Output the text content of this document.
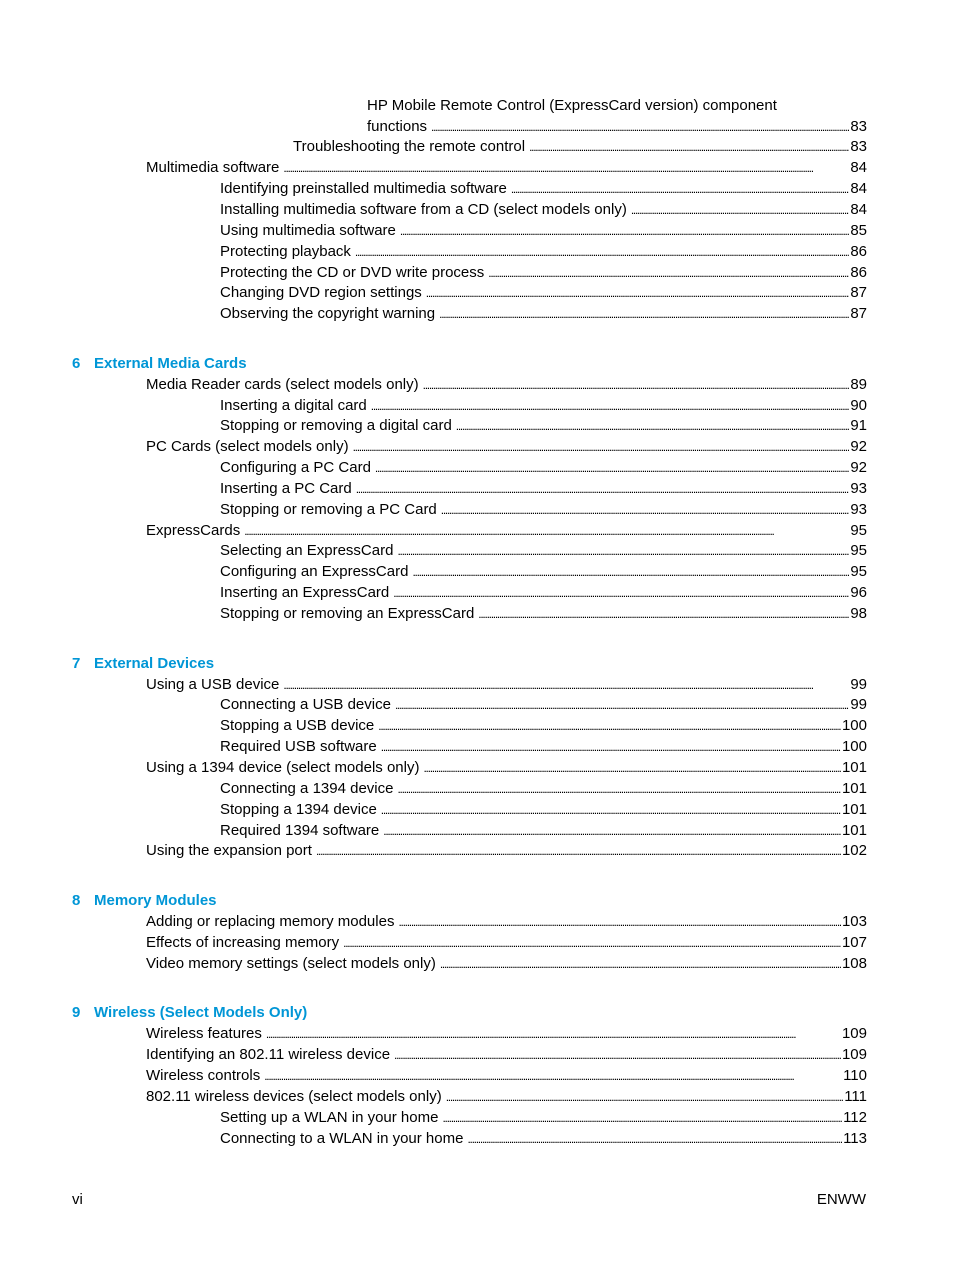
HP Mobile Remote Control (ExpressCard version) component
functions . . .	83
Troubleshooting the remote control . . .	83
Multimedia software . . .	84
Identifying preinstalled multimedia software . . .	84
Installing multimedia software from a CD (select models only) . . .	84
Using multimedia software . . .	85
Protecting playback . . .	86
Protecting the CD or DVD write process . . .	86
Changing DVD region settings . . .	87
Observing the copyright warning . . .	87
6 External Media Cards
Media Reader cards (select models only) . . .	89
Inserting a digital card . . .	90
Stopping or removing a digital card . . .	91
PC Cards (select models only) . . .	92
Configuring a PC Card . . .	92
Inserting a PC Card . . .	93
Stopping or removing a PC Card . . .	93
ExpressCards . . .	95
Selecting an ExpressCard . . .	95
Configuring an ExpressCard . . .	95
Inserting an ExpressCard . . .	96
Stopping or removing an ExpressCard . . .	98
7 External Devices
Using a USB device . . .	99
Connecting a USB device . . .	99
Stopping a USB device . . .	100
Required USB software . . .	100
Using a 1394 device (select models only) . . .	101
Connecting a 1394 device . . .	101
Stopping a 1394 device . . .	101
Required 1394 software . . .	101
Using the expansion port . . .	102
8 Memory Modules
Adding or replacing memory modules . . .	103
Effects of increasing memory . . .	107
Video memory settings (select models only) . . .	108
9 Wireless (Select Models Only)
Wireless features . . .	109
Identifying an 802.11 wireless device . . .	109
Wireless controls . . .	110
802.11 wireless devices (select models only) . . .	111
Setting up a WLAN in your home . . .	112
Connecting to a WLAN in your home . . .	113
vi	ENWW
